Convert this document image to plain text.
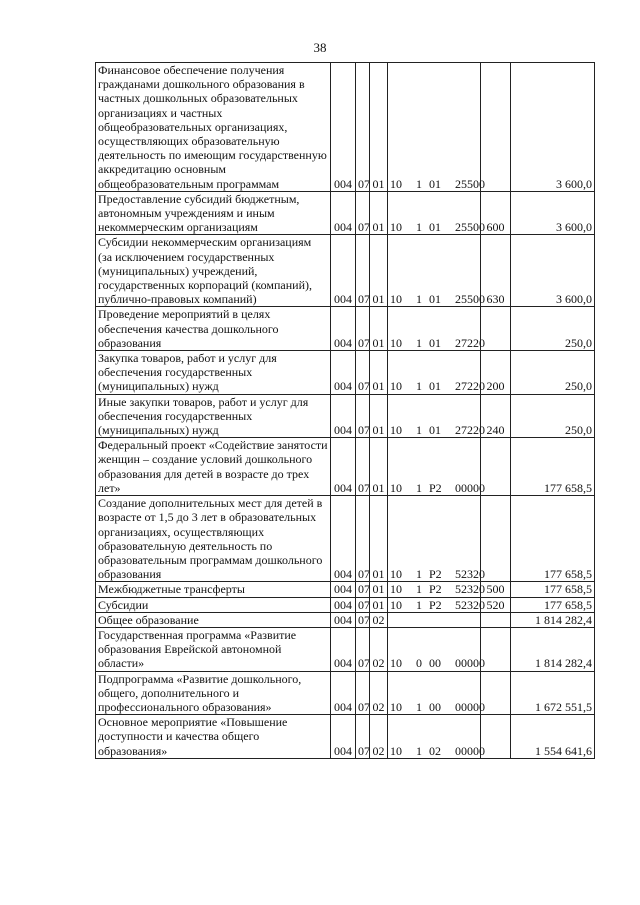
38
Финансовое обеспечение получения гражданами дошкольного образования в частных дошкольных образовательных организациях и частных общеобразовательных организациях, осуществляющих образовательную деятельность по имеющим государственную аккредитацию основным общеобразовательным программам	004	07	01	10 1 01 25500		3 600,0
Предоставление субсидий бюджетным, автономным учреждениям и иным некоммерческим организациям	004	07	01	10 1 01 25500	600	3 600,0
Субсидии некоммерческим организациям (за исключением государственных (муниципальных) учреждений, государственных корпораций (компаний), публично-правовых компаний)	004	07	01	10 1 01 25500	630	3 600,0
Проведение мероприятий в целях обеспечения качества дошкольного образования	004	07	01	10 1 01 27220		250,0
Закупка товаров, работ и услуг для обеспечения государственных (муниципальных) нужд	004	07	01	10 1 01 27220	200	250,0
Иные закупки товаров, работ и услуг для обеспечения государственных (муниципальных) нужд	004	07	01	10 1 01 27220	240	250,0
Федеральный проект «Содействие занятости женщин – создание условий дошкольного образования для детей в возрасте до трех лет»	004	07	01	10 1 P2 00000		177 658,5
Создание дополнительных мест для детей в возрасте от 1,5 до 3 лет в образовательных организациях, осуществляющих образовательную деятельность по образовательным программам дошкольного образования	004	07	01	10 1 P2 52320		177 658,5
Межбюджетные трансферты	004	07	01	10 1 P2 52320	500	177 658,5
Субсидии	004	07	01	10 1 P2 52320	520	177 658,5
Общее образование	004	07	02			1 814 282,4
Государственная программа «Развитие образования Еврейской автономной области»	004	07	02	10 0 00 00000		1 814 282,4
Подпрограмма «Развитие дошкольного, общего, дополнительного и профессионального образования»	004	07	02	10 1 00 00000		1 672 551,5
Основное мероприятие «Повышение доступности и качества общего образования»	004	07	02	10 1 02 00000		1 554 641,6
